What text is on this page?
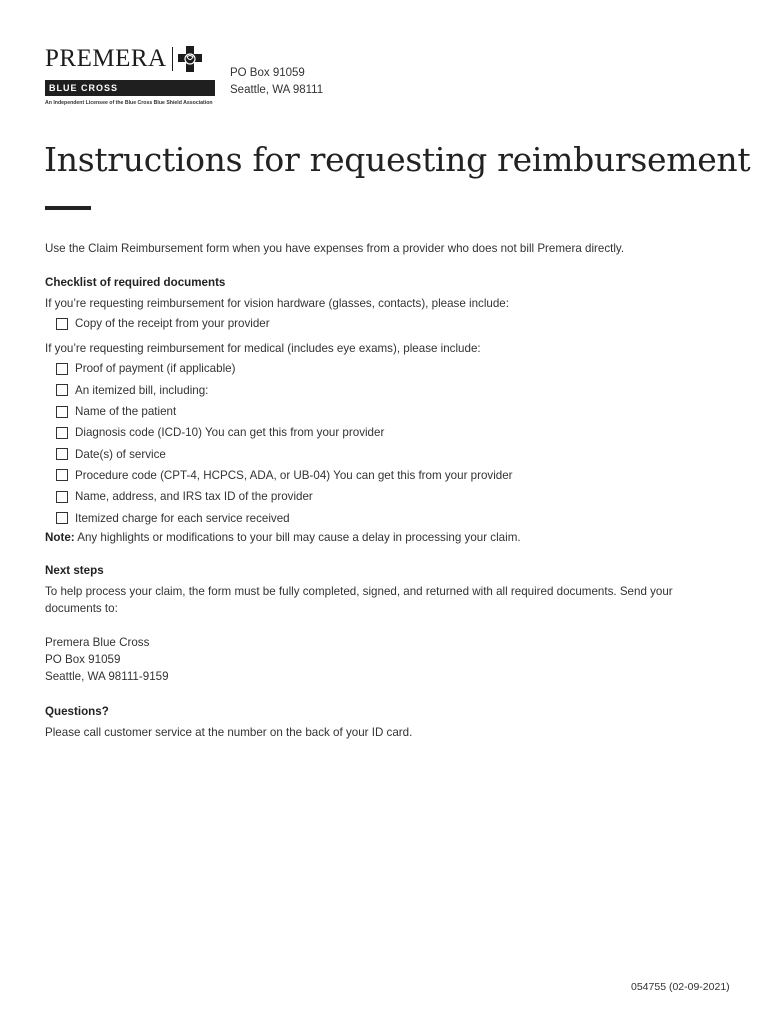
PREMERA
BLUE CROSS
An Independent Licensee of the Blue Cross Blue Shield Association
PO Box 91059
Seattle, WA 98111
Instructions for requesting reimbursement

Use the Claim Reimbursement form when you have expenses from a provider who does not bill Premera directly.

Checklist of required documents

If you’re requesting reimbursement for vision hardware (glasses, contacts), please include:

Copy of the receipt from your provider

If you’re requesting reimbursement for medical (includes eye exams), please include:

Proof of payment (if applicable)
An itemized bill, including:
Name of the patient
Diagnosis code (ICD-10) You can get this from your provider
Date(s) of service
Procedure code (CPT-4, HCPCS, ADA, or UB-04) You can get this from your provider
Name, address, and IRS tax ID of the provider
Itemized charge for each service received

Note: Any highlights or modifications to your bill may cause a delay in processing your claim.

Next steps

To help process your claim, the form must be fully completed, signed, and returned with all required documents. Send your documents to:

Premera Blue Cross

PO Box 91059

Seattle, WA 98111-9159

Questions?

Please call customer service at the number on the back of your ID card.

054755 (02-09-2021)
